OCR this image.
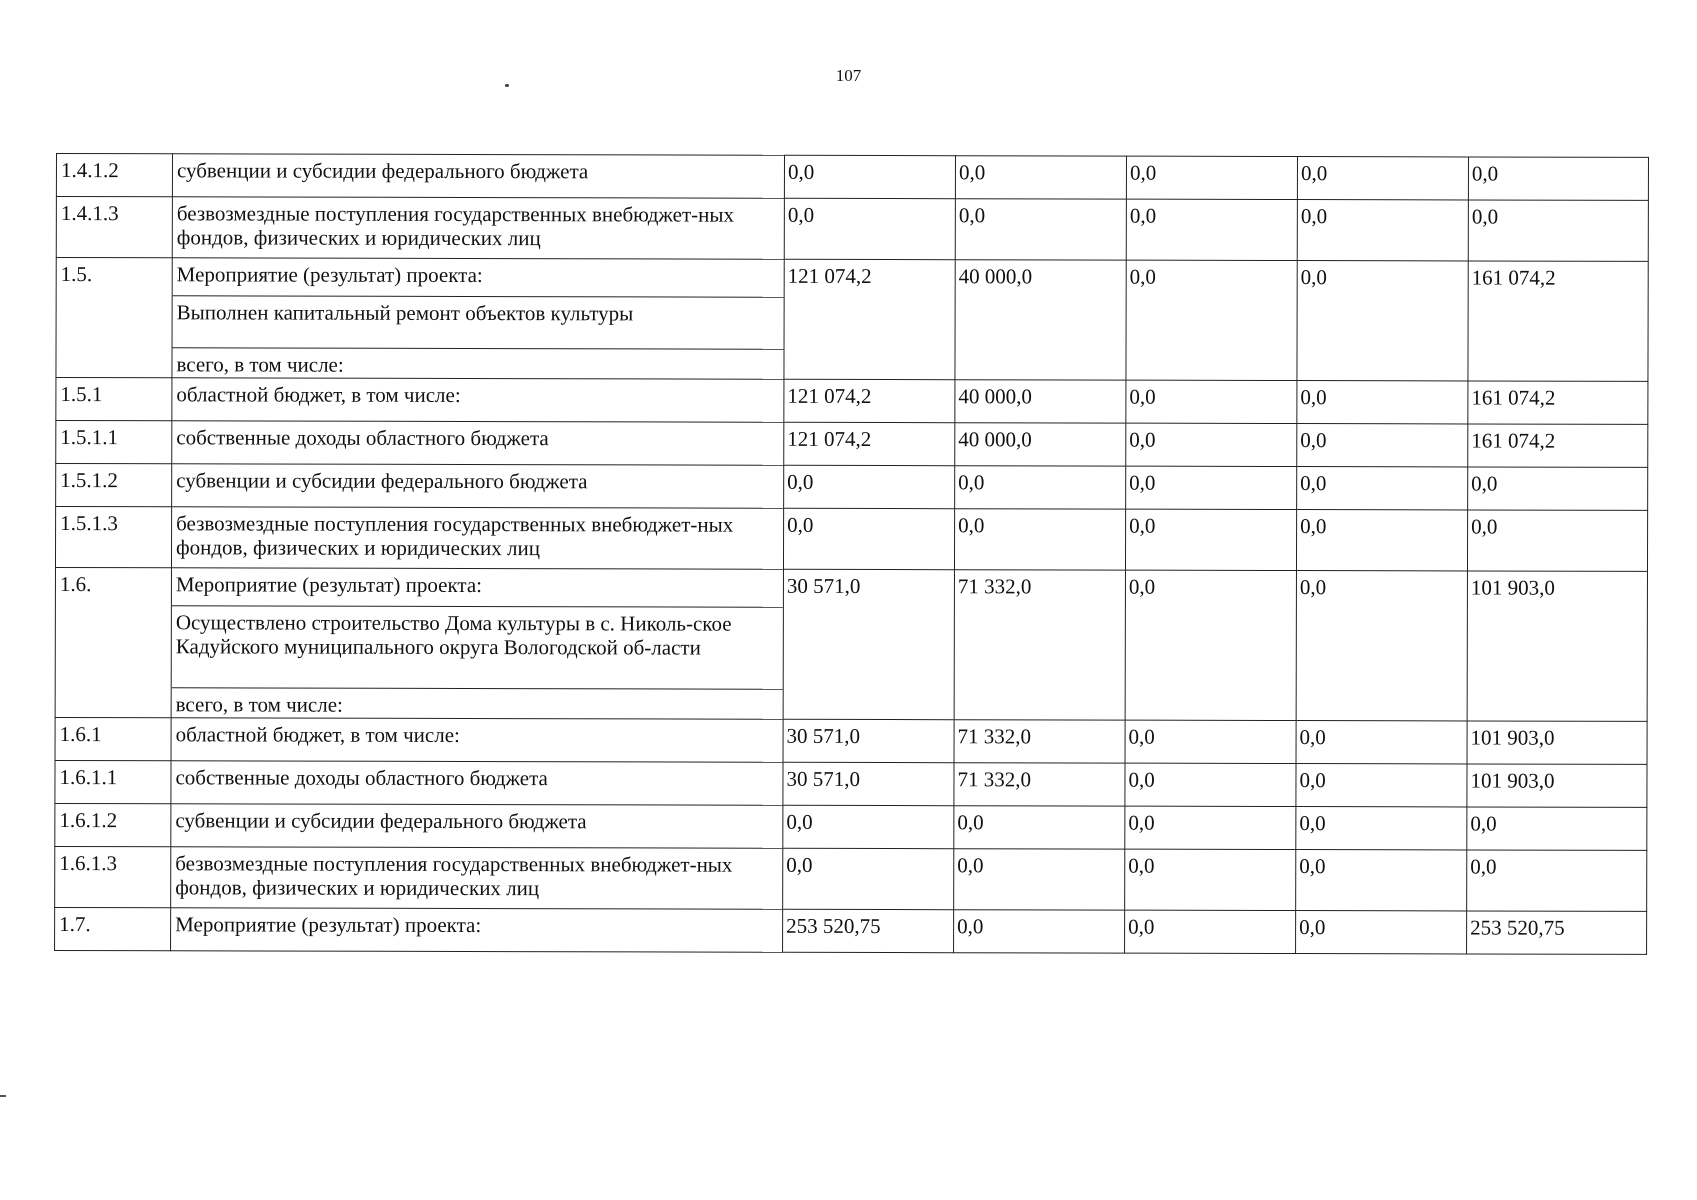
107
1.4.1.2	субвенции и субсидии федерального бюджета	0,0	0,0	0,0	0,0	0,0
1.4.1.3	безвозмездные поступления государственных внебюджет-ных фондов, физических и юридических лиц	0,0	0,0	0,0	0,0	0,0
1.5.	Мероприятие (результат) проекта:
Выполнен капитальный ремонт объектов культуры
всего, в том числе:	121 074,2	40 000,0	0,0	0,0	161 074,2
1.5.1	областной бюджет, в том числе:	121 074,2	40 000,0	0,0	0,0	161 074,2
1.5.1.1	собственные доходы областного бюджета	121 074,2	40 000,0	0,0	0,0	161 074,2
1.5.1.2	субвенции и субсидии федерального бюджета	0,0	0,0	0,0	0,0	0,0
1.5.1.3	безвозмездные поступления государственных внебюджет-ных фондов, физических и юридических лиц	0,0	0,0	0,0	0,0	0,0
1.6.	Мероприятие (результат) проекта:
Осуществлено строительство Дома культуры в с. Николь-ское Кадуйского муниципального округа Вологодской об-ласти
всего, в том числе:	30 571,0	71 332,0	0,0	0,0	101 903,0
1.6.1	областной бюджет, в том числе:	30 571,0	71 332,0	0,0	0,0	101 903,0
1.6.1.1	собственные доходы областного бюджета	30 571,0	71 332,0	0,0	0,0	101 903,0
1.6.1.2	субвенции и субсидии федерального бюджета	0,0	0,0	0,0	0,0	0,0
1.6.1.3	безвозмездные поступления государственных внебюджет-ных фондов, физических и юридических лиц	0,0	0,0	0,0	0,0	0,0
1.7.	Мероприятие (результат) проекта:	253 520,75	0,0	0,0	0,0	253 520,75
